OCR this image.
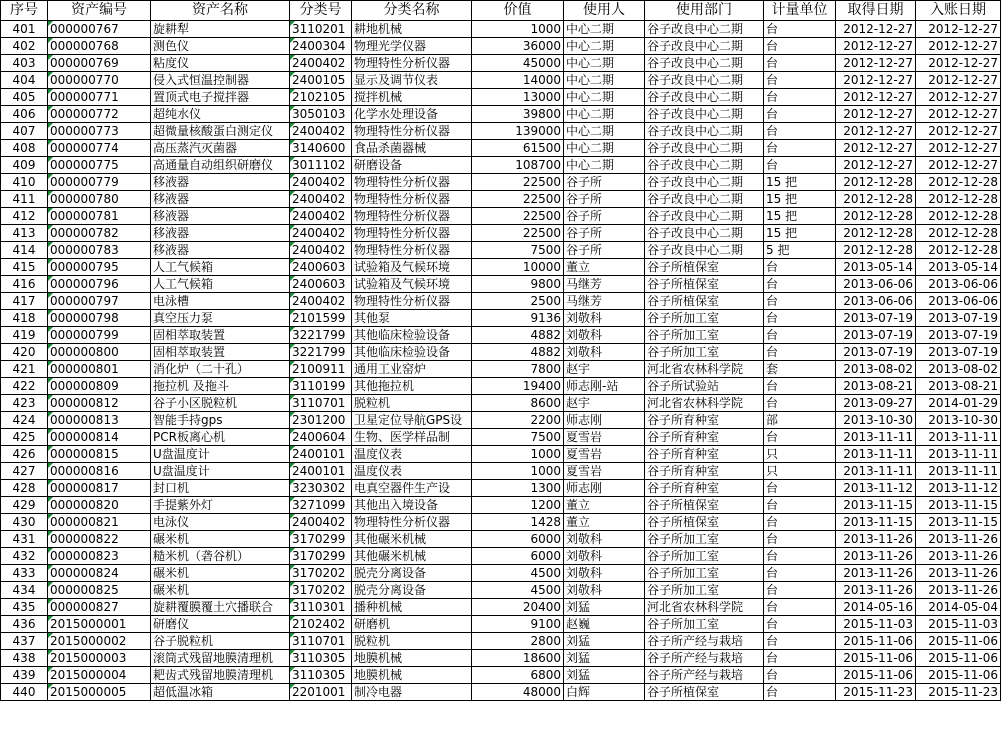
序号	资产编号	资产名称	分类号	分类名称	价值	使用人	使用部门	计量单位	取得日期	入账日期
401	000000767	旋耕犁	3110201	耕地机械	1000	中心二期	谷子改良中心二期	台	2012-12-27	2012-12-27
402	000000768	测色仪	2400304	物理光学仪器	36000	中心二期	谷子改良中心二期	台	2012-12-27	2012-12-27
403	000000769	粘度仪	2400402	物理特性分析仪器	45000	中心二期	谷子改良中心二期	台	2012-12-27	2012-12-27
404	000000770	侵入式恒温控制器	2400105	显示及调节仪表	14000	中心二期	谷子改良中心二期	台	2012-12-27	2012-12-27
405	000000771	置顶式电子搅拌器	2102105	搅拌机械	13000	中心二期	谷子改良中心二期	台	2012-12-27	2012-12-27
406	000000772	超纯水仪	3050103	化学水处理设备	39800	中心二期	谷子改良中心二期	台	2012-12-27	2012-12-27
407	000000773	超微量核酸蛋白测定仪	2400402	物理特性分析仪器	139000	中心二期	谷子改良中心二期	台	2012-12-27	2012-12-27
408	000000774	高压蒸汽灭菌器	3140600	食品杀菌器械	61500	中心二期	谷子改良中心二期	台	2012-12-27	2012-12-27
409	000000775	高通量自动组织研磨仪	3011102	研磨设备	108700	中心二期	谷子改良中心二期	台	2012-12-27	2012-12-27
410	000000779	移液器	2400402	物理特性分析仪器	22500	谷子所	谷子改良中心二期	15 把	2012-12-28	2012-12-28
411	000000780	移液器	2400402	物理特性分析仪器	22500	谷子所	谷子改良中心二期	15 把	2012-12-28	2012-12-28
412	000000781	移液器	2400402	物理特性分析仪器	22500	谷子所	谷子改良中心二期	15 把	2012-12-28	2012-12-28
413	000000782	移液器	2400402	物理特性分析仪器	22500	谷子所	谷子改良中心二期	15 把	2012-12-28	2012-12-28
414	000000783	移液器	2400402	物理特性分析仪器	7500	谷子所	谷子改良中心二期	5 把	2012-12-28	2012-12-28
415	000000795	人工气候箱	2400603	试验箱及气候环境	10000	董立	谷子所植保室	台	2013-05-14	2013-05-14
416	000000796	人工气候箱	2400603	试验箱及气候环境	9800	马继芳	谷子所植保室	台	2013-06-06	2013-06-06
417	000000797	电泳槽	2400402	物理特性分析仪器	2500	马继芳	谷子所植保室	台	2013-06-06	2013-06-06
418	000000798	真空压力泵	2101599	其他泵	9136	刘敬科	谷子所加工室	台	2013-07-19	2013-07-19
419	000000799	固相萃取装置	3221799	其他临床检验设备	4882	刘敬科	谷子所加工室	台	2013-07-19	2013-07-19
420	000000800	固相萃取装置	3221799	其他临床检验设备	4882	刘敬科	谷子所加工室	台	2013-07-19	2013-07-19
421	000000801	消化炉（二十孔）	2100911	通用工业窑炉	7800	赵宇	河北省农林科学院	套	2013-08-02	2013-08-02
422	000000809	拖拉机 及拖斗	3110199	其他拖拉机	19400	师志刚-站	谷子所试验站	台	2013-08-21	2013-08-21
423	000000812	谷子小区脱粒机	3110701	脱粒机	8600	赵宇	河北省农林科学院	台	2013-09-27	2014-01-29
424	000000813	智能手持gps	2301200	卫星定位导航GPS设	2200	师志刚	谷子所育种室	部	2013-10-30	2013-10-30
425	000000814	PCR板离心机	2400604	生物、医学样品制	7500	夏雪岩	谷子所育种室	台	2013-11-11	2013-11-11
426	000000815	U盘温度计	2400101	温度仪表	1000	夏雪岩	谷子所育种室	只	2013-11-11	2013-11-11
427	000000816	U盘温度计	2400101	温度仪表	1000	夏雪岩	谷子所育种室	只	2013-11-11	2013-11-11
428	000000817	封口机	3230302	电真空器件生产设	1300	师志刚	谷子所育种室	台	2013-11-12	2013-11-12
429	000000820	手提紫外灯	3271099	其他出入境设备	1200	董立	谷子所植保室	台	2013-11-15	2013-11-15
430	000000821	电泳仪	2400402	物理特性分析仪器	1428	董立	谷子所植保室	台	2013-11-15	2013-11-15
431	000000822	碾米机	3170299	其他碾米机械	6000	刘敬科	谷子所加工室	台	2013-11-26	2013-11-26
432	000000823	糙米机（砻谷机）	3170299	其他碾米机械	6000	刘敬科	谷子所加工室	台	2013-11-26	2013-11-26
433	000000824	碾米机	3170202	脱壳分离设备	4500	刘敬科	谷子所加工室	台	2013-11-26	2013-11-26
434	000000825	碾米机	3170202	脱壳分离设备	4500	刘敬科	谷子所加工室	台	2013-11-26	2013-11-26
435	000000827	旋耕覆膜覆土穴播联合	3110301	播种机械	20400	刘猛	河北省农林科学院	台	2014-05-16	2014-05-04
436	2015000001	研磨仪	2102402	研磨机	9100	赵巍	谷子所加工室	台	2015-11-03	2015-11-03
437	2015000002	谷子脱粒机	3110701	脱粒机	2800	刘猛	谷子所产经与栽培	台	2015-11-06	2015-11-06
438	2015000003	滚筒式残留地膜清理机	3110305	地膜机械	18600	刘猛	谷子所产经与栽培	台	2015-11-06	2015-11-06
439	2015000004	耙齿式残留地膜清理机	3110305	地膜机械	6800	刘猛	谷子所产经与栽培	台	2015-11-06	2015-11-06
440	2015000005	超低温冰箱	2201001	制冷电器	48000	白辉	谷子所植保室	台	2015-11-23	2015-11-23
